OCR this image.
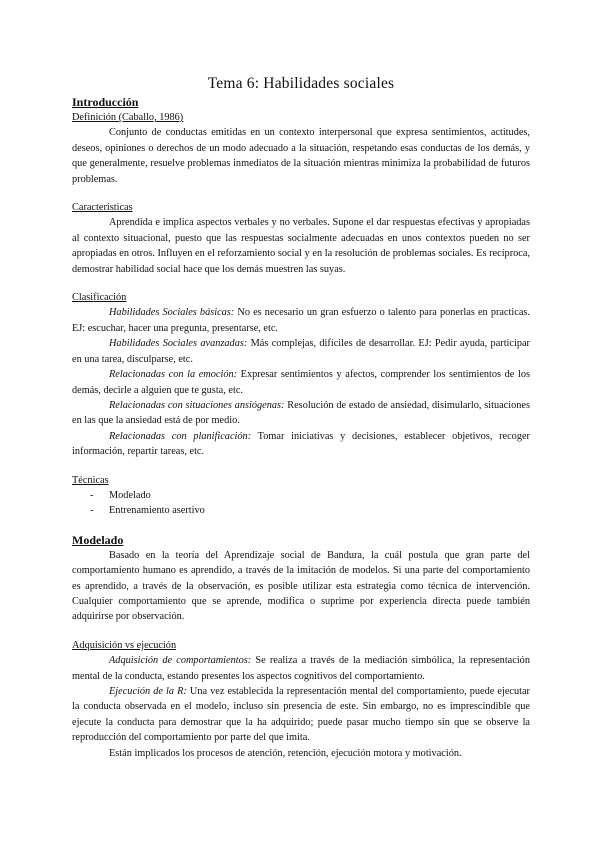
Tema 6: Habilidades sociales
Introducción
Definición (Caballo, 1986)

Conjunto de conductas emitidas en un contexto interpersonal que expresa sentimientos, actitudes, deseos, opiniones o derechos de un modo adecuado a la situación, respetando esas conductas de los demás, y que generalmente, resuelve problemas inmediatos de la situación mientras minimiza la probabilidad de futuros problemas.

Características

Aprendida e implica aspectos verbales y no verbales. Supone el dar respuestas efectivas y apropiadas al contexto situacional, puesto que las respuestas socialmente adecuadas en unos contextos pueden no ser apropiadas en otros. Influyen en el reforzamiento social y en la resolución de problemas sociales. Es recíproca, demostrar habilidad social hace que los demás muestren las suyas.

Clasificación

Habilidades Sociales básicas: No es necesario un gran esfuerzo o talento para ponerlas en practicas. EJ: escuchar, hacer una pregunta, presentarse, etc.

Habilidades Sociales avanzadas: Más complejas, difíciles de desarrollar. EJ: Pedir ayuda, participar en una tarea, disculparse, etc.

Relacionadas con la emoción: Expresar sentimientos y afectos, comprender los sentimientos de los demás, decirle a alguien que te gusta, etc.

Relacionadas con situaciones ansiógenas: Resolución de estado de ansiedad, disimularlo, situaciones en las que la ansiedad está de por medio.

Relacionadas con planificación: Tomar iniciativas y decisiones, establecer objetivos, recoger información, repartir tareas, etc.

Técnicas
- Modelado
- Entrenamiento asertivo
Modelado

Basado en la teoría del Aprendizaje social de Bandura, la cuál postula que gran parte del comportamiento humano es aprendido, a través de la imitación de modelos. Si una parte del comportamiento es aprendido, a través de la observación, es posible utilizar esta estrategia como técnica de intervención. Cualquier comportamiento que se aprende, modifica o suprime por experiencia directa puede también adquirirse por observación.

Adquisición vs ejecución

Adquisición de comportamientos: Se realiza a través de la mediación simbólica, la representación mental de la conducta, estando presentes los aspectos cognitivos del comportamiento.

Ejecución de la R: Una vez establecida la representación mental del comportamiento, puede ejecutar la conducta observada en el modelo, incluso sin presencia de este. Sin embargo, no es imprescindible que ejecute la conducta para demostrar que la ha adquirido; puede pasar mucho tiempo sin que se observe la reproducción del comportamiento por parte del que imita.

Están implicados los procesos de atención, retención, ejecución motora y motivación.
